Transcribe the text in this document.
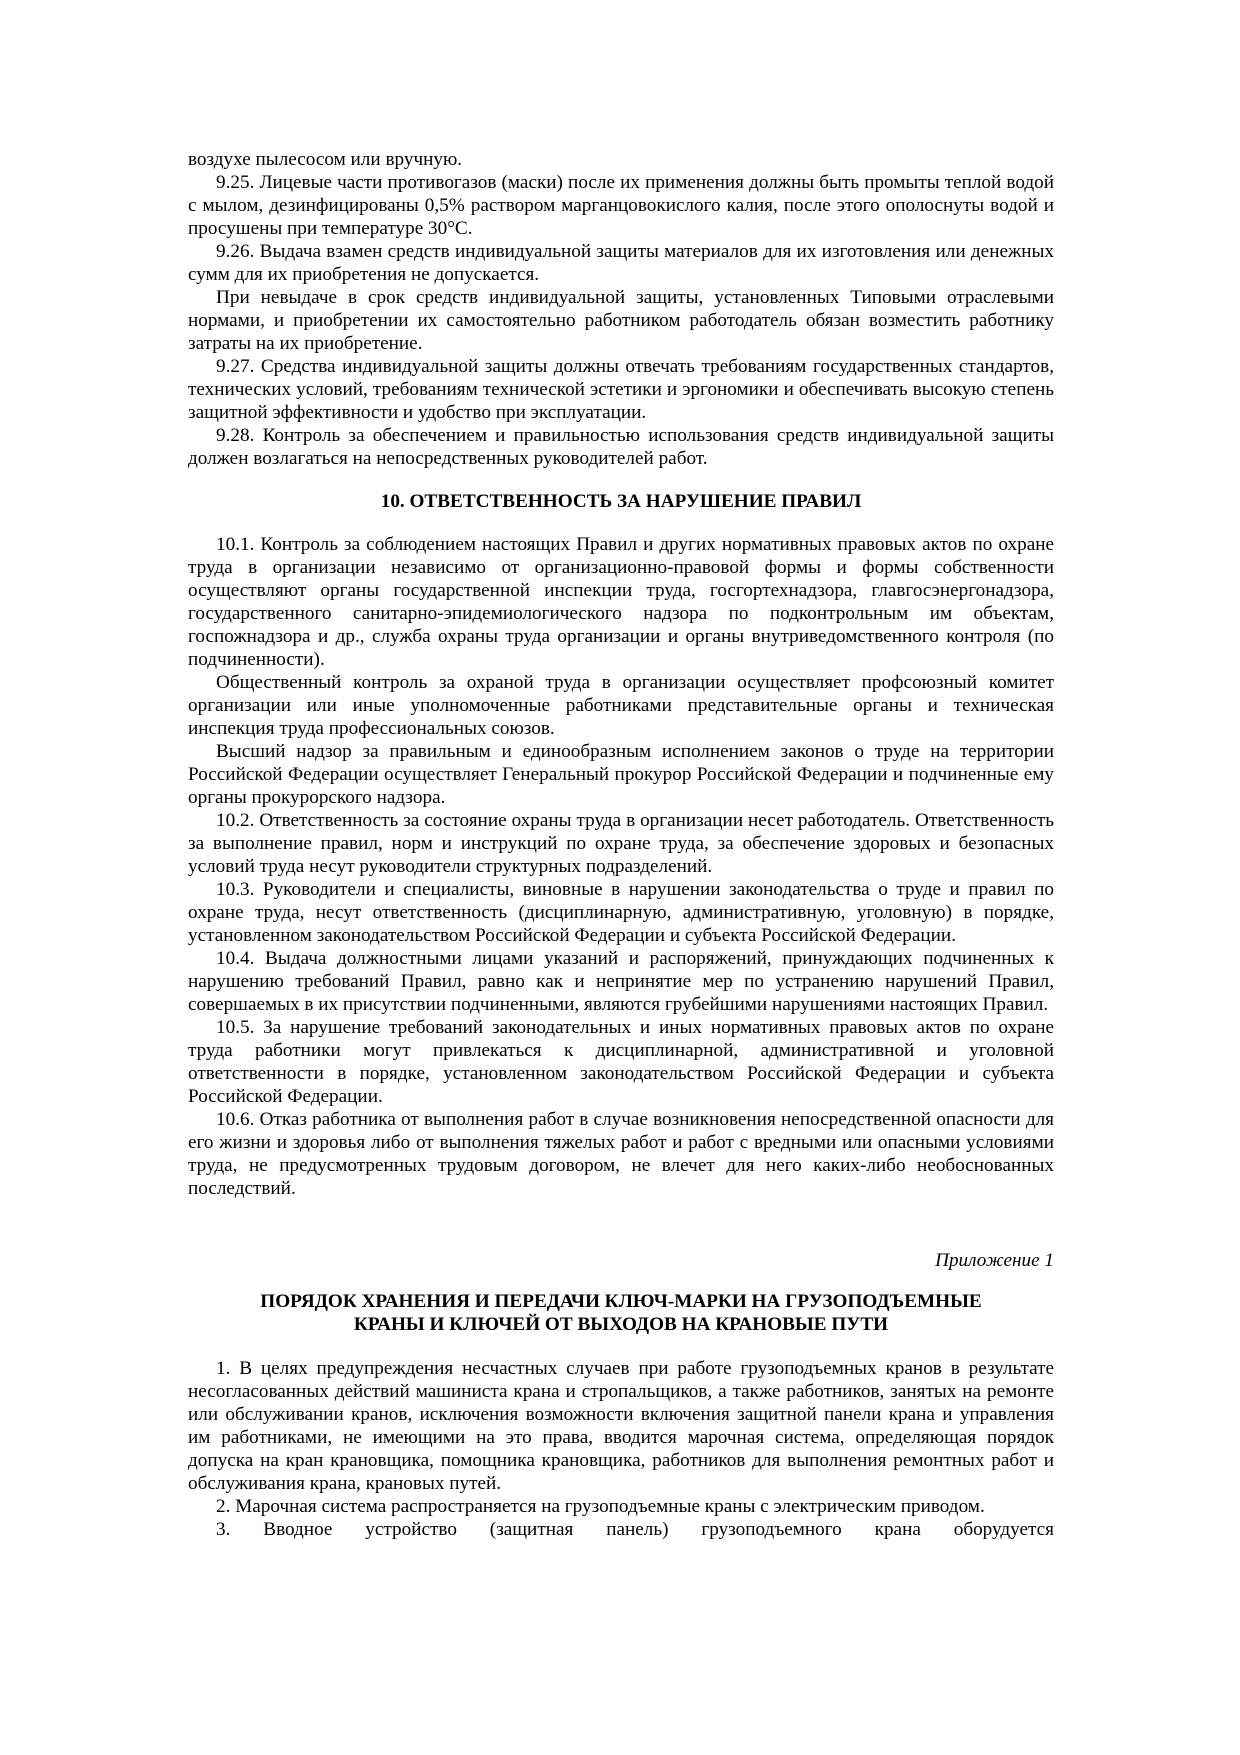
воздухе пылесосом или вручную.

9.25. Лицевые части противогазов (маски) после их применения должны быть промыты теплой водой с мылом, дезинфицированы 0,5% раствором марганцовокислого калия, после этого ополоснуты водой и просушены при температуре 30°С.

9.26. Выдача взамен средств индивидуальной защиты материалов для их изготовления или денежных сумм для их приобретения не допускается.

При невыдаче в срок средств индивидуальной защиты, установленных Типовыми отраслевыми нормами, и приобретении их самостоятельно работником работодатель обязан возместить работнику затраты на их приобретение.

9.27. Средства индивидуальной защиты должны отвечать требованиям государственных стандартов, технических условий, требованиям технической эстетики и эргономики и обеспечивать высокую степень защитной эффективности и удобство при эксплуатации.

9.28. Контроль за обеспечением и правильностью использования средств индивидуальной защиты должен возлагаться на непосредственных руководителей работ.

10. ОТВЕТСТВЕННОСТЬ ЗА НАРУШЕНИЕ ПРАВИЛ

10.1. Контроль за соблюдением настоящих Правил и других нормативных правовых актов по охране труда в организации независимо от организационно-правовой формы и формы собственности осуществляют органы государственной инспекции труда, госгортехнадзора, главгосэнергонадзора, государственного санитарно-эпидемиологического надзора по подконтрольным им объектам, госпожнадзора и др., служба охраны труда организации и органы внутриведомственного контроля (по подчиненности).

Общественный контроль за охраной труда в организации осуществляет профсоюзный комитет организации или иные уполномоченные работниками представительные органы и техническая инспекция труда профессиональных союзов.

Высший надзор за правильным и единообразным исполнением законов о труде на территории Российской Федерации осуществляет Генеральный прокурор Российской Федерации и подчиненные ему органы прокурорского надзора.

10.2. Ответственность за состояние охраны труда в организации несет работодатель. Ответственность за выполнение правил, норм и инструкций по охране труда, за обеспечение здоровых и безопасных условий труда несут руководители структурных подразделений.

10.3. Руководители и специалисты, виновные в нарушении законодательства о труде и правил по охране труда, несут ответственность (дисциплинарную, административную, уголовную) в порядке, установленном законодательством Российской Федерации и субъекта Российской Федерации.

10.4. Выдача должностными лицами указаний и распоряжений, принуждающих подчиненных к нарушению требований Правил, равно как и непринятие мер по устранению нарушений Правил, совершаемых в их присутствии подчиненными, являются грубейшими нарушениями настоящих Правил.

10.5. За нарушение требований законодательных и иных нормативных правовых актов по охране труда работники могут привлекаться к дисциплинарной, административной и уголовной ответственности в порядке, установленном законодательством Российской Федерации и субъекта Российской Федерации.

10.6. Отказ работника от выполнения работ в случае возникновения непосредственной опасности для его жизни и здоровья либо от выполнения тяжелых работ и работ с вредными или опасными условиями труда, не предусмотренных трудовым договором, не влечет для него каких-либо необоснованных последствий.

Приложение 1

ПОРЯДОК ХРАНЕНИЯ И ПЕРЕДАЧИ КЛЮЧ-МАРКИ НА ГРУЗОПОДЪЕМНЫЕ
КРАНЫ И КЛЮЧЕЙ ОТ ВЫХОДОВ НА КРАНОВЫЕ ПУТИ

1. В целях предупреждения несчастных случаев при работе грузоподъемных кранов в результате несогласованных действий машиниста крана и стропальщиков, а также работников, занятых на ремонте или обслуживании кранов, исключения возможности включения защитной панели крана и управления им работниками, не имеющими на это права, вводится марочная система, определяющая порядок допуска на кран крановщика, помощника крановщика, работников для выполнения ремонтных работ и обслуживания крана, крановых путей.

2. Марочная система распространяется на грузоподъемные краны с электрическим приводом.

3. Вводное устройство (защитная панель) грузоподъемного крана оборудуется
